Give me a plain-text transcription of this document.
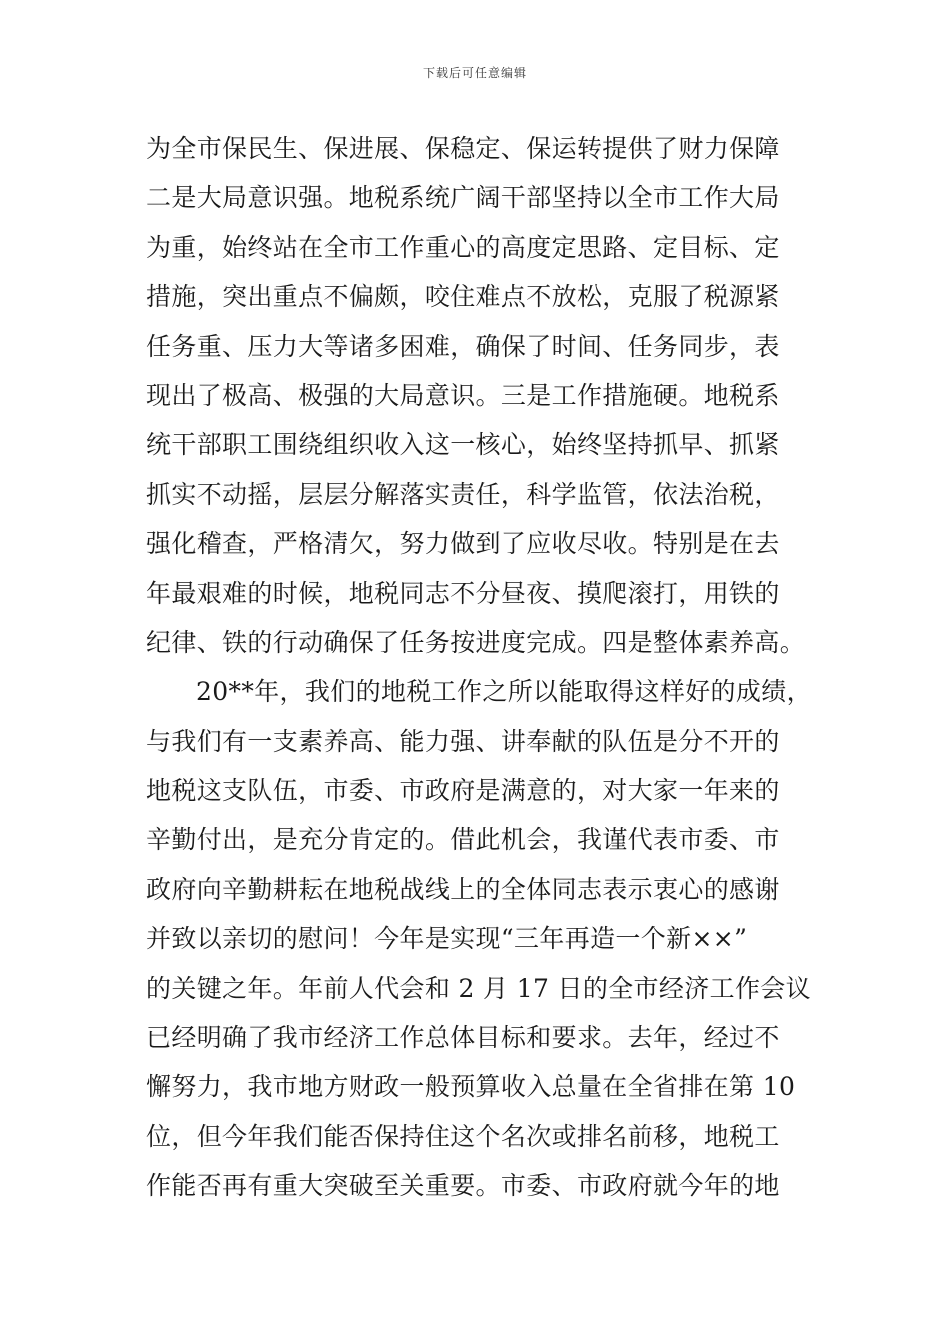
下载后可任意编辑
为全市保民生、保进展、保稳定、保运转提供了财力保障
二是大局意识强。地税系统广阔干部坚持以全市工作大局
为重，始终站在全市工作重心的高度定思路、定目标、定
措施，突出重点不偏颇，咬住难点不放松，克服了税源紧
任务重、压力大等诸多困难，确保了时间、任务同步，表
现出了极高、极强的大局意识。三是工作措施硬。地税系
统干部职工围绕组织收入这一核心，始终坚持抓早、抓紧
抓实不动摇，层层分解落实责任，科学监管，依法治税，
强化稽查，严格清欠，努力做到了应收尽收。特别是在去
年最艰难的时候，地税同志不分昼夜、摸爬滚打，用铁的
纪律、铁的行动确保了任务按进度完成。四是整体素养高。
20**年，我们的地税工作之所以能取得这样好的成绩，
与我们有一支素养高、能力强、讲奉献的队伍是分不开的
地税这支队伍，市委、市政府是满意的，对大家一年来的
辛勤付出，是充分肯定的。借此机会，我谨代表市委、市
政府向辛勤耕耘在地税战线上的全体同志表示衷心的感谢
并致以亲切的慰问！今年是实现“三年再造一个新××”
的关键之年。年前人代会和 2 月 17 日的全市经济工作会议
已经明确了我市经济工作总体目标和要求。去年，经过不
懈努力，我市地方财政一般预算收入总量在全省排在第 10
位，但今年我们能否保持住这个名次或排名前移，地税工
作能否再有重大突破至关重要。市委、市政府就今年的地
